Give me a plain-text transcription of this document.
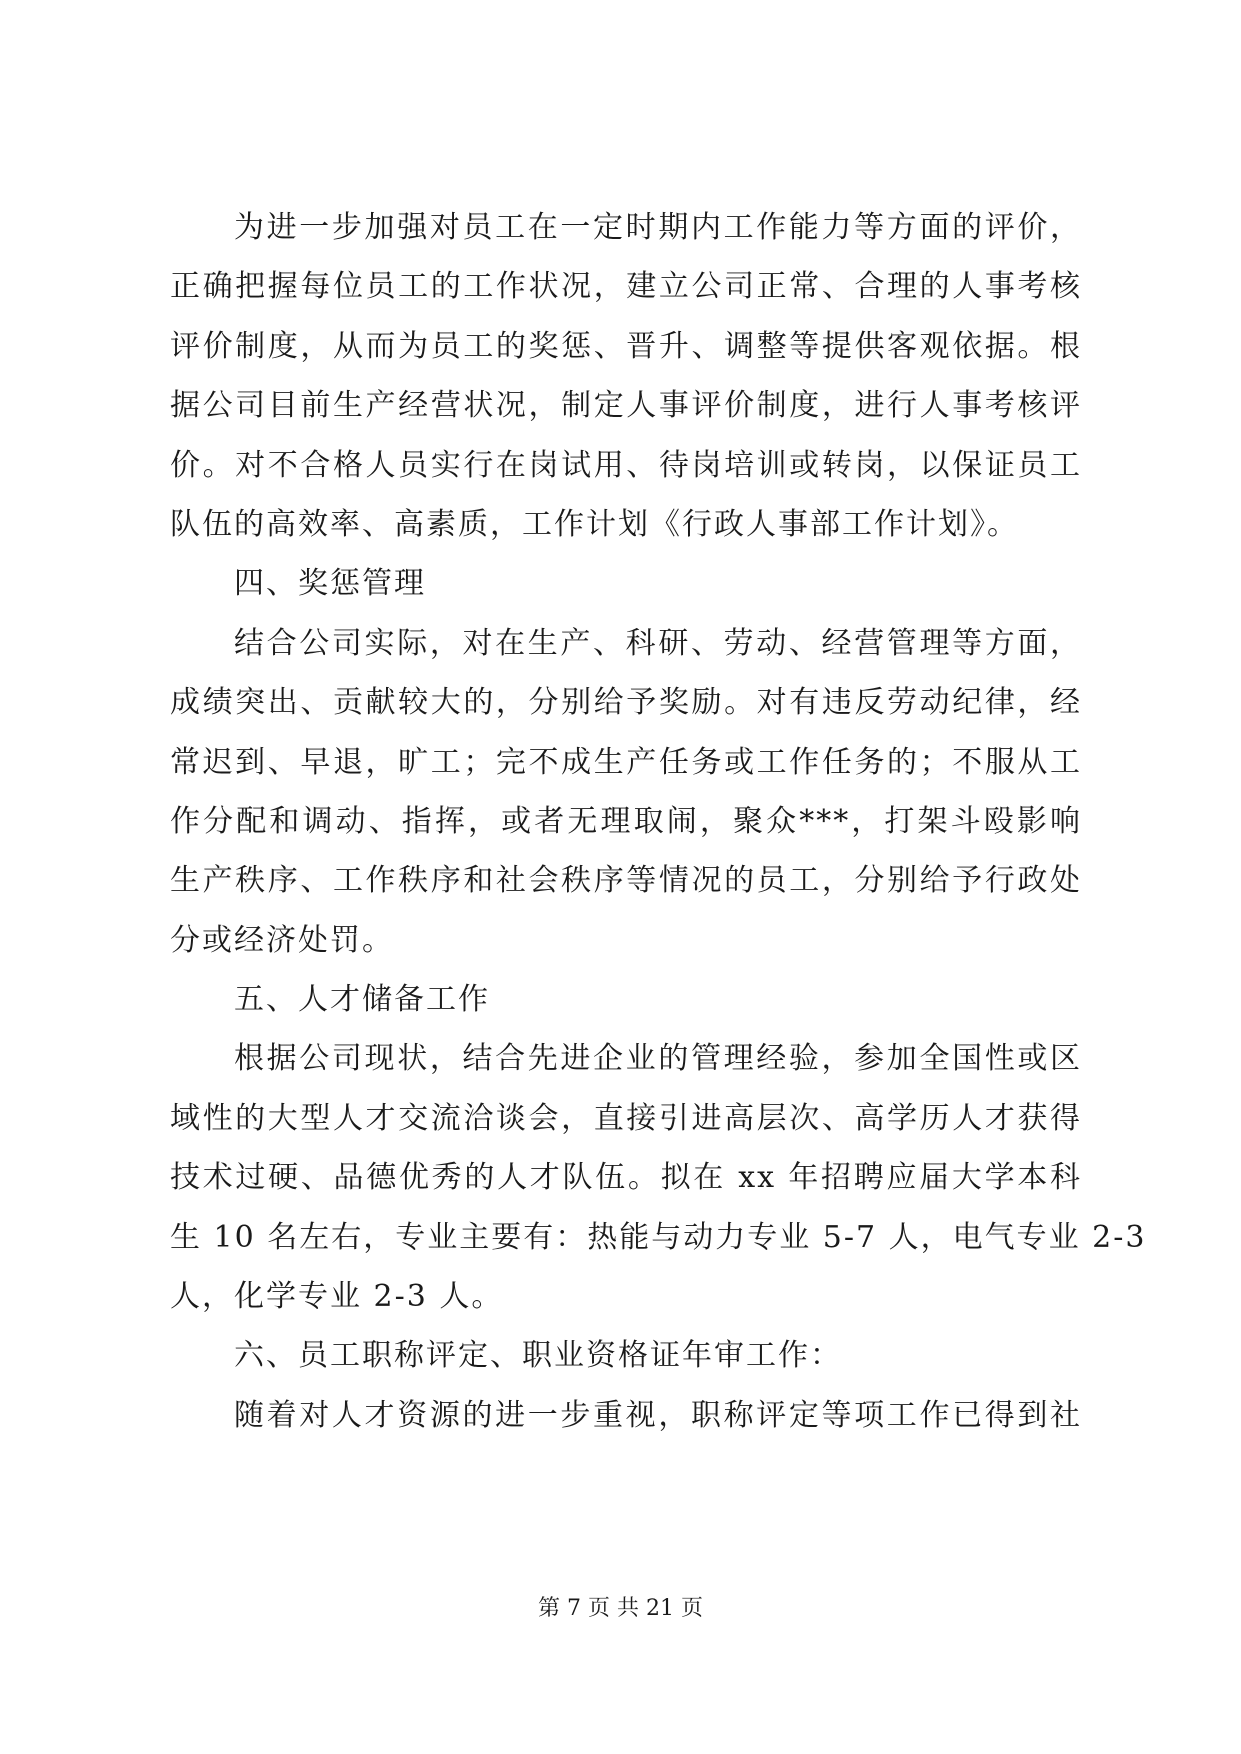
为进一步加强对员工在一定时期内工作能力等方面的评价，
正确把握每位员工的工作状况，建立公司正常、合理的人事考核
评价制度，从而为员工的奖惩、晋升、调整等提供客观依据。根
据公司目前生产经营状况，制定人事评价制度，进行人事考核评
价。对不合格人员实行在岗试用、待岗培训或转岗，以保证员工
队伍的高效率、高素质，工作计划《行政人事部工作计划》。
四、奖惩管理
结合公司实际，对在生产、科研、劳动、经营管理等方面，
成绩突出、贡献较大的，分别给予奖励。对有违反劳动纪律，经
常迟到、早退，旷工；完不成生产任务或工作任务的；不服从工
作分配和调动、指挥，或者无理取闹，聚众***，打架斗殴影响
生产秩序、工作秩序和社会秩序等情况的员工，分别给予行政处
分或经济处罚。
五、人才储备工作
根据公司现状，结合先进企业的管理经验，参加全国性或区
域性的大型人才交流洽谈会，直接引进高层次、高学历人才获得
技术过硬、品德优秀的人才队伍。拟在 xx 年招聘应届大学本科
生 10 名左右，专业主要有：热能与动力专业 5-7 人，电气专业 2-3
人，化学专业 2-3 人。
六、员工职称评定、职业资格证年审工作：
随着对人才资源的进一步重视，职称评定等项工作已得到社
第 7 页 共 21 页
